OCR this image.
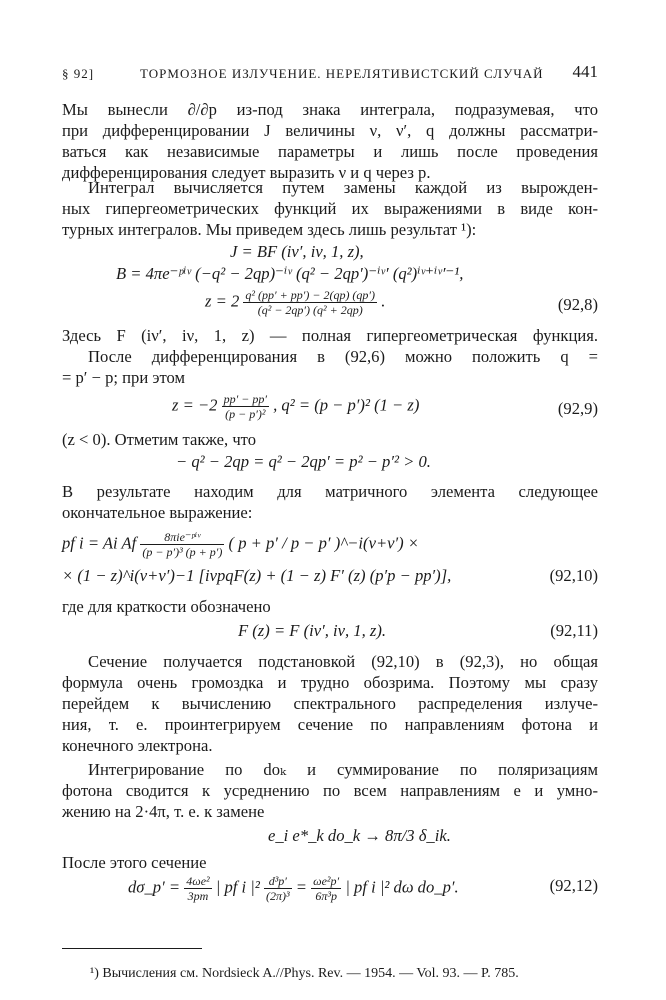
§ 92]	ТОРМОЗНОЕ ИЗЛУЧЕНИЕ. НЕРЕЛЯТИВИСТСКИЙ СЛУЧАЙ 441
Мы вынесли ∂/∂p из-под знака интеграла, подразумевая, что
при дифференцировании J величины ν, ν′, q должны рассматри-
ваться как независимые параметры и лишь после проведения
дифференцирования следует выразить ν и q через p.
Интеграл вычисляется путем замены каждой из вырожден-
ных гипергеометрических функций их выражениями в виде кон-
турных интегралов. Мы приведем здесь лишь результат ¹):
J = BF (iν′, iν, 1, z),
B = 4πe⁻ᵖⁱᵛ (−q² − 2qp)⁻ⁱᵛ (q² − 2qp′)⁻ⁱᵛ′ (q²)ⁱᵛ⁺ⁱᵛ′⁻¹,
$z = 2 \frac{\text{q² (pp′ + pp′) − 2(qp) (qp′)}}{\text{(q² − 2qp′) (q² + 2qp)}}$ .	(92,8)
Здесь F (iν′, iν, 1, z) — полная гипергеометрическая функция.
После дифференцирования в (92,6) можно положить q =
= p′ − p; при этом
$z = -2 \frac{pp' - pp'}{\text{(p − p′)²}}$ , q² = (p − p′)² (1 − z)	(92,9)
(z < 0). Отметим также, что
− q² − 2qp = q² − 2qp′ = p² − p′² > 0.
В результате находим для матричного элемента следующее
окончательное выражение:
pf i = Ai Af $\frac{\text{8πie⁻ᵖⁱᵛ}}{\text{(p − p′)³ (p + p′)}}$ ( p + p′ / p − p′ )^−i(ν+ν′) ×
× (1 − z)^i(ν+ν′)−1 [iνpqF(z) + (1 − z) F′ (z) (p′p − pp′)],	(92,10)
где для краткости обозначено
F (z) = F (iν′, iν, 1, z).	(92,11)
Сечение получается подстановкой (92,10) в (92,3), но общая
формула очень громоздка и трудно обозрима. Поэтому мы сразу
перейдем к вычислению спектрального распределения излуче-
ния, т. е. проинтегрируем сечение по направлениям фотона и
конечного электрона.
Интегрирование по doₖ и суммирование по поляризациям
фотона сводится к усреднению по всем направлениям e и умно-
жению на 2·4π, т. е. к замене
e_i e*_k do_k → 8π/3 δ_ik.
После этого сечение
dσ_p′ = $\frac{\text{4ωe²}}{3pm}$ | pf i $|^2 \frac{\text{d³p′}}{\text{(2π)³}} = \frac{\text{ωe²p′}}{\text{6π³p}}$ | pf i |² dω do_p′.	(92,12)
¹) Вычисления см. Nordsieck A.//Phys. Rev. — 1954. — Vol. 93. — P. 785.
